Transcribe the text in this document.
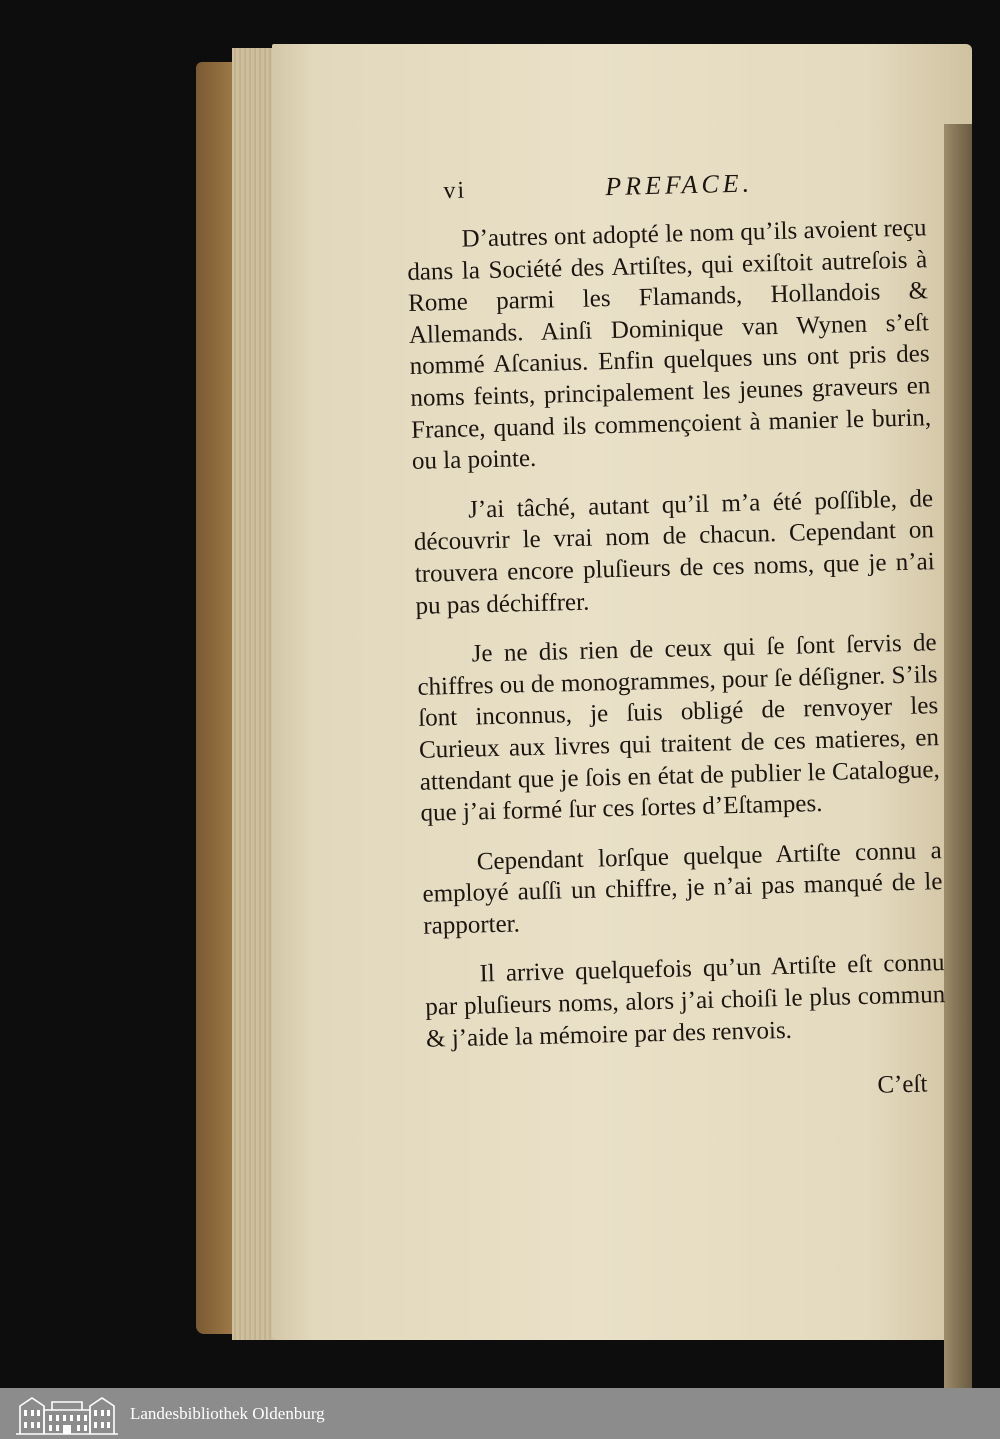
vi	PREFACE.

D’autres ont adopté le nom qu’ils avoient reçu dans la Société des Artiſtes, qui exiſtoit autreſois à Rome parmi les Flamands, Hollandois & Allemands. Ainſi Dominique van Wynen s’eſt nommé Aſcanius. Enfin quelques uns ont pris des noms feints, principalement les jeunes graveurs en France, quand ils commençoient à manier le burin, ou la pointe.

J’ai tâché, autant qu’il m’a été poſſible, de découvrir le vrai nom de chacun. Cependant on trouvera encore pluſieurs de ces noms, que je n’ai pu pas déchiffrer.

Je ne dis rien de ceux qui ſe ſont ſervis de chiffres ou de monogrammes, pour ſe déſigner. S’ils ſont inconnus, je ſuis obligé de renvoyer les Curieux aux livres qui traitent de ces matieres, en attendant que je ſois en état de publier le Catalogue, que j’ai formé ſur ces ſortes d’Eſtampes.

Cependant lorſque quelque Artiſte connu a employé auſſi un chiffre, je n’ai pas manqué de le rapporter.

Il arrive quelquefois qu’un Artiſte eſt connu par pluſieurs noms, alors j’ai choiſi le plus commun & j’aide la mémoire par des renvois.

C’eſt
Landesbibliothek Oldenburg
